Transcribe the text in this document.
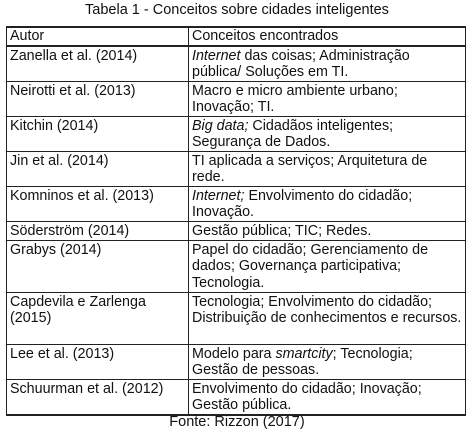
Tabela 1 - Conceitos sobre cidades inteligentes
Autor	Conceitos encontrados
Zanella et al. (2014)	Internet das coisas; Administração pública/ Soluções em TI.
Neirotti et al. (2013)	Macro e micro ambiente urbano; Inovação; TI.
Kitchin (2014)	Big data; Cidadãos inteligentes; Segurança de Dados.
Jin et al. (2014)	TI aplicada a serviços; Arquitetura de rede.
Komninos et al. (2013)	Internet; Envolvimento do cidadão; Inovação.
Söderström (2014)	Gestão pública; TIC; Redes.
Grabys (2014)	Papel do cidadão; Gerenciamento de dados; Governança participativa; Tecnologia.
Capdevila e Zarlenga (2015)	Tecnologia; Envolvimento do cidadão; Distribuição de conhecimentos e recursos.
Lee et al. (2013)	Modelo para smartcity; Tecnologia; Gestão de pessoas.
Schuurman et al. (2012)	Envolvimento do cidadão; Inovação; Gestão pública.
Fonte: Rizzon (2017)
